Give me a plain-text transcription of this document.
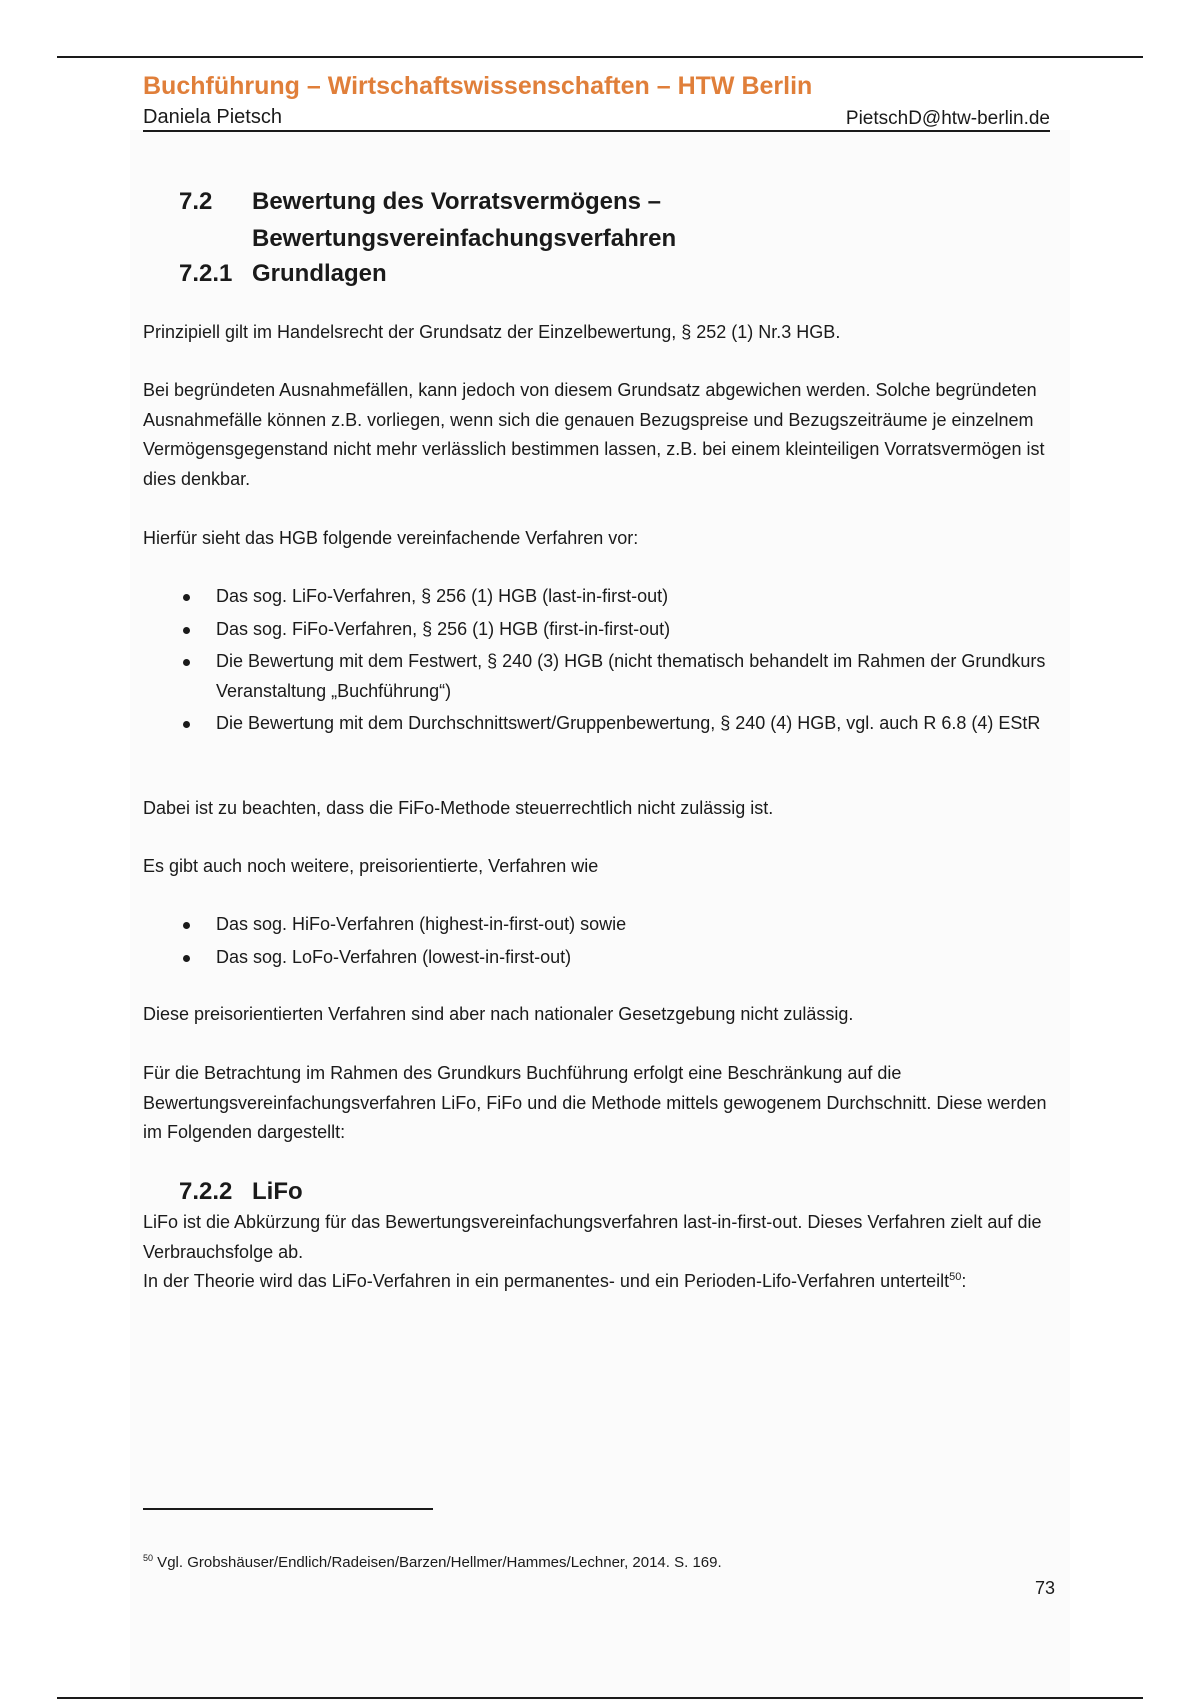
Buchführung – Wirtschaftswissenschaften – HTW Berlin
Daniela Pietsch	PietschD@htw-berlin.de
7.2 Bewertung des Vorratsvermögens –
Bewertungsvereinfachungsverfahren
7.2.1 Grundlagen
Prinzipiell gilt im Handelsrecht der Grundsatz der Einzelbewertung, § 252 (1) Nr.3 HGB.
Bei begründeten Ausnahmefällen, kann jedoch von diesem Grundsatz abgewichen werden. Solche begründeten Ausnahmefälle können z.B. vorliegen, wenn sich die genauen Bezugspreise und Bezugszeiträume je einzelnem Vermögensgegenstand nicht mehr verlässlich bestimmen lassen, z.B. bei einem kleinteiligen Vorratsvermögen ist dies denkbar.
Hierfür sieht das HGB folgende vereinfachende Verfahren vor:
Das sog. LiFo-Verfahren, § 256 (1) HGB (last-in-first-out)
Das sog. FiFo-Verfahren, § 256 (1) HGB (first-in-first-out)
Die Bewertung mit dem Festwert, § 240 (3) HGB (nicht thematisch behandelt im Rahmen der Grundkurs Veranstaltung „Buchführung“)
Die Bewertung mit dem Durchschnittswert/Gruppenbewertung, § 240 (4) HGB, vgl. auch R 6.8 (4) EStR
Dabei ist zu beachten, dass die FiFo-Methode steuerrechtlich nicht zulässig ist.
Es gibt auch noch weitere, preisorientierte, Verfahren wie
Das sog. HiFo-Verfahren (highest-in-first-out) sowie
Das sog. LoFo-Verfahren (lowest-in-first-out)
Diese preisorientierten Verfahren sind aber nach nationaler Gesetzgebung nicht zulässig.
Für die Betrachtung im Rahmen des Grundkurs Buchführung erfolgt eine Beschränkung auf die Bewertungsvereinfachungsverfahren LiFo, FiFo und die Methode mittels gewogenem Durchschnitt. Diese werden im Folgenden dargestellt:
7.2.2 LiFo
LiFo ist die Abkürzung für das Bewertungsvereinfachungsverfahren last-in-first-out. Dieses Verfahren zielt auf die Verbrauchsfolge ab.
In der Theorie wird das LiFo-Verfahren in ein permanentes- und ein Perioden-Lifo-Verfahren unterteilt$^{50}$:
$^{50}$ Vgl. Grobshäuser/Endlich/Radeisen/Barzen/Hellmer/Hammes/Lechner, 2014. S. 169.
73
